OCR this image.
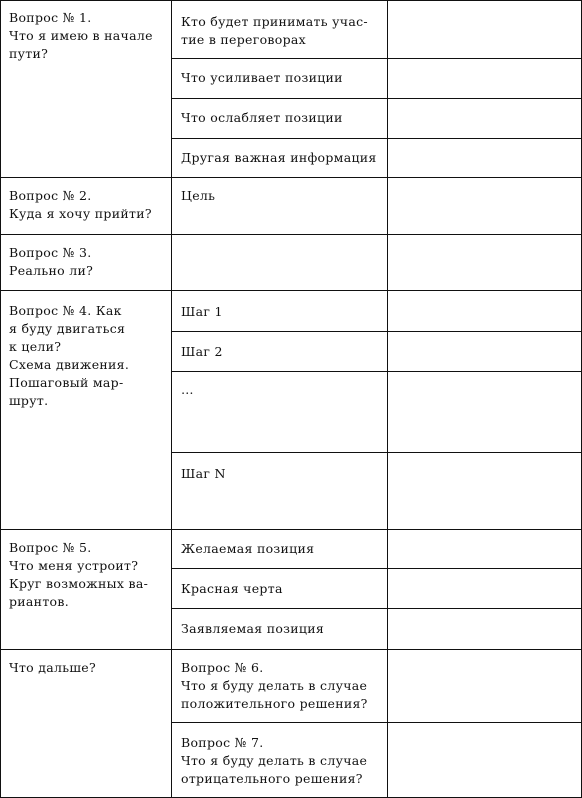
Вопрос № 1.
Что я имею в начале
пути?
Вопрос № 2.
Куда я хочу прийти?
Вопрос № 3.
Реально ли?
Вопрос № 4. Как
я буду двигаться
к цели?
Схема движения.
Пошаговый мар-
шрут.
Вопрос № 5.
Что меня устроит?
Круг возможных ва-
риантов.
Что дальше?
Кто будет принимать учас-
тие в переговорах
Что усиливает позиции
Что ослабляет позиции
Другая важная информация
Цель
Шаг 1
Шаг 2
…
Шаг N
Желаемая позиция
Красная черта
Заявляемая позиция
Вопрос № 6.
Что я буду делать в случае
положительного решения?
Вопрос № 7.
Что я буду делать в случае
отрицательного решения?
